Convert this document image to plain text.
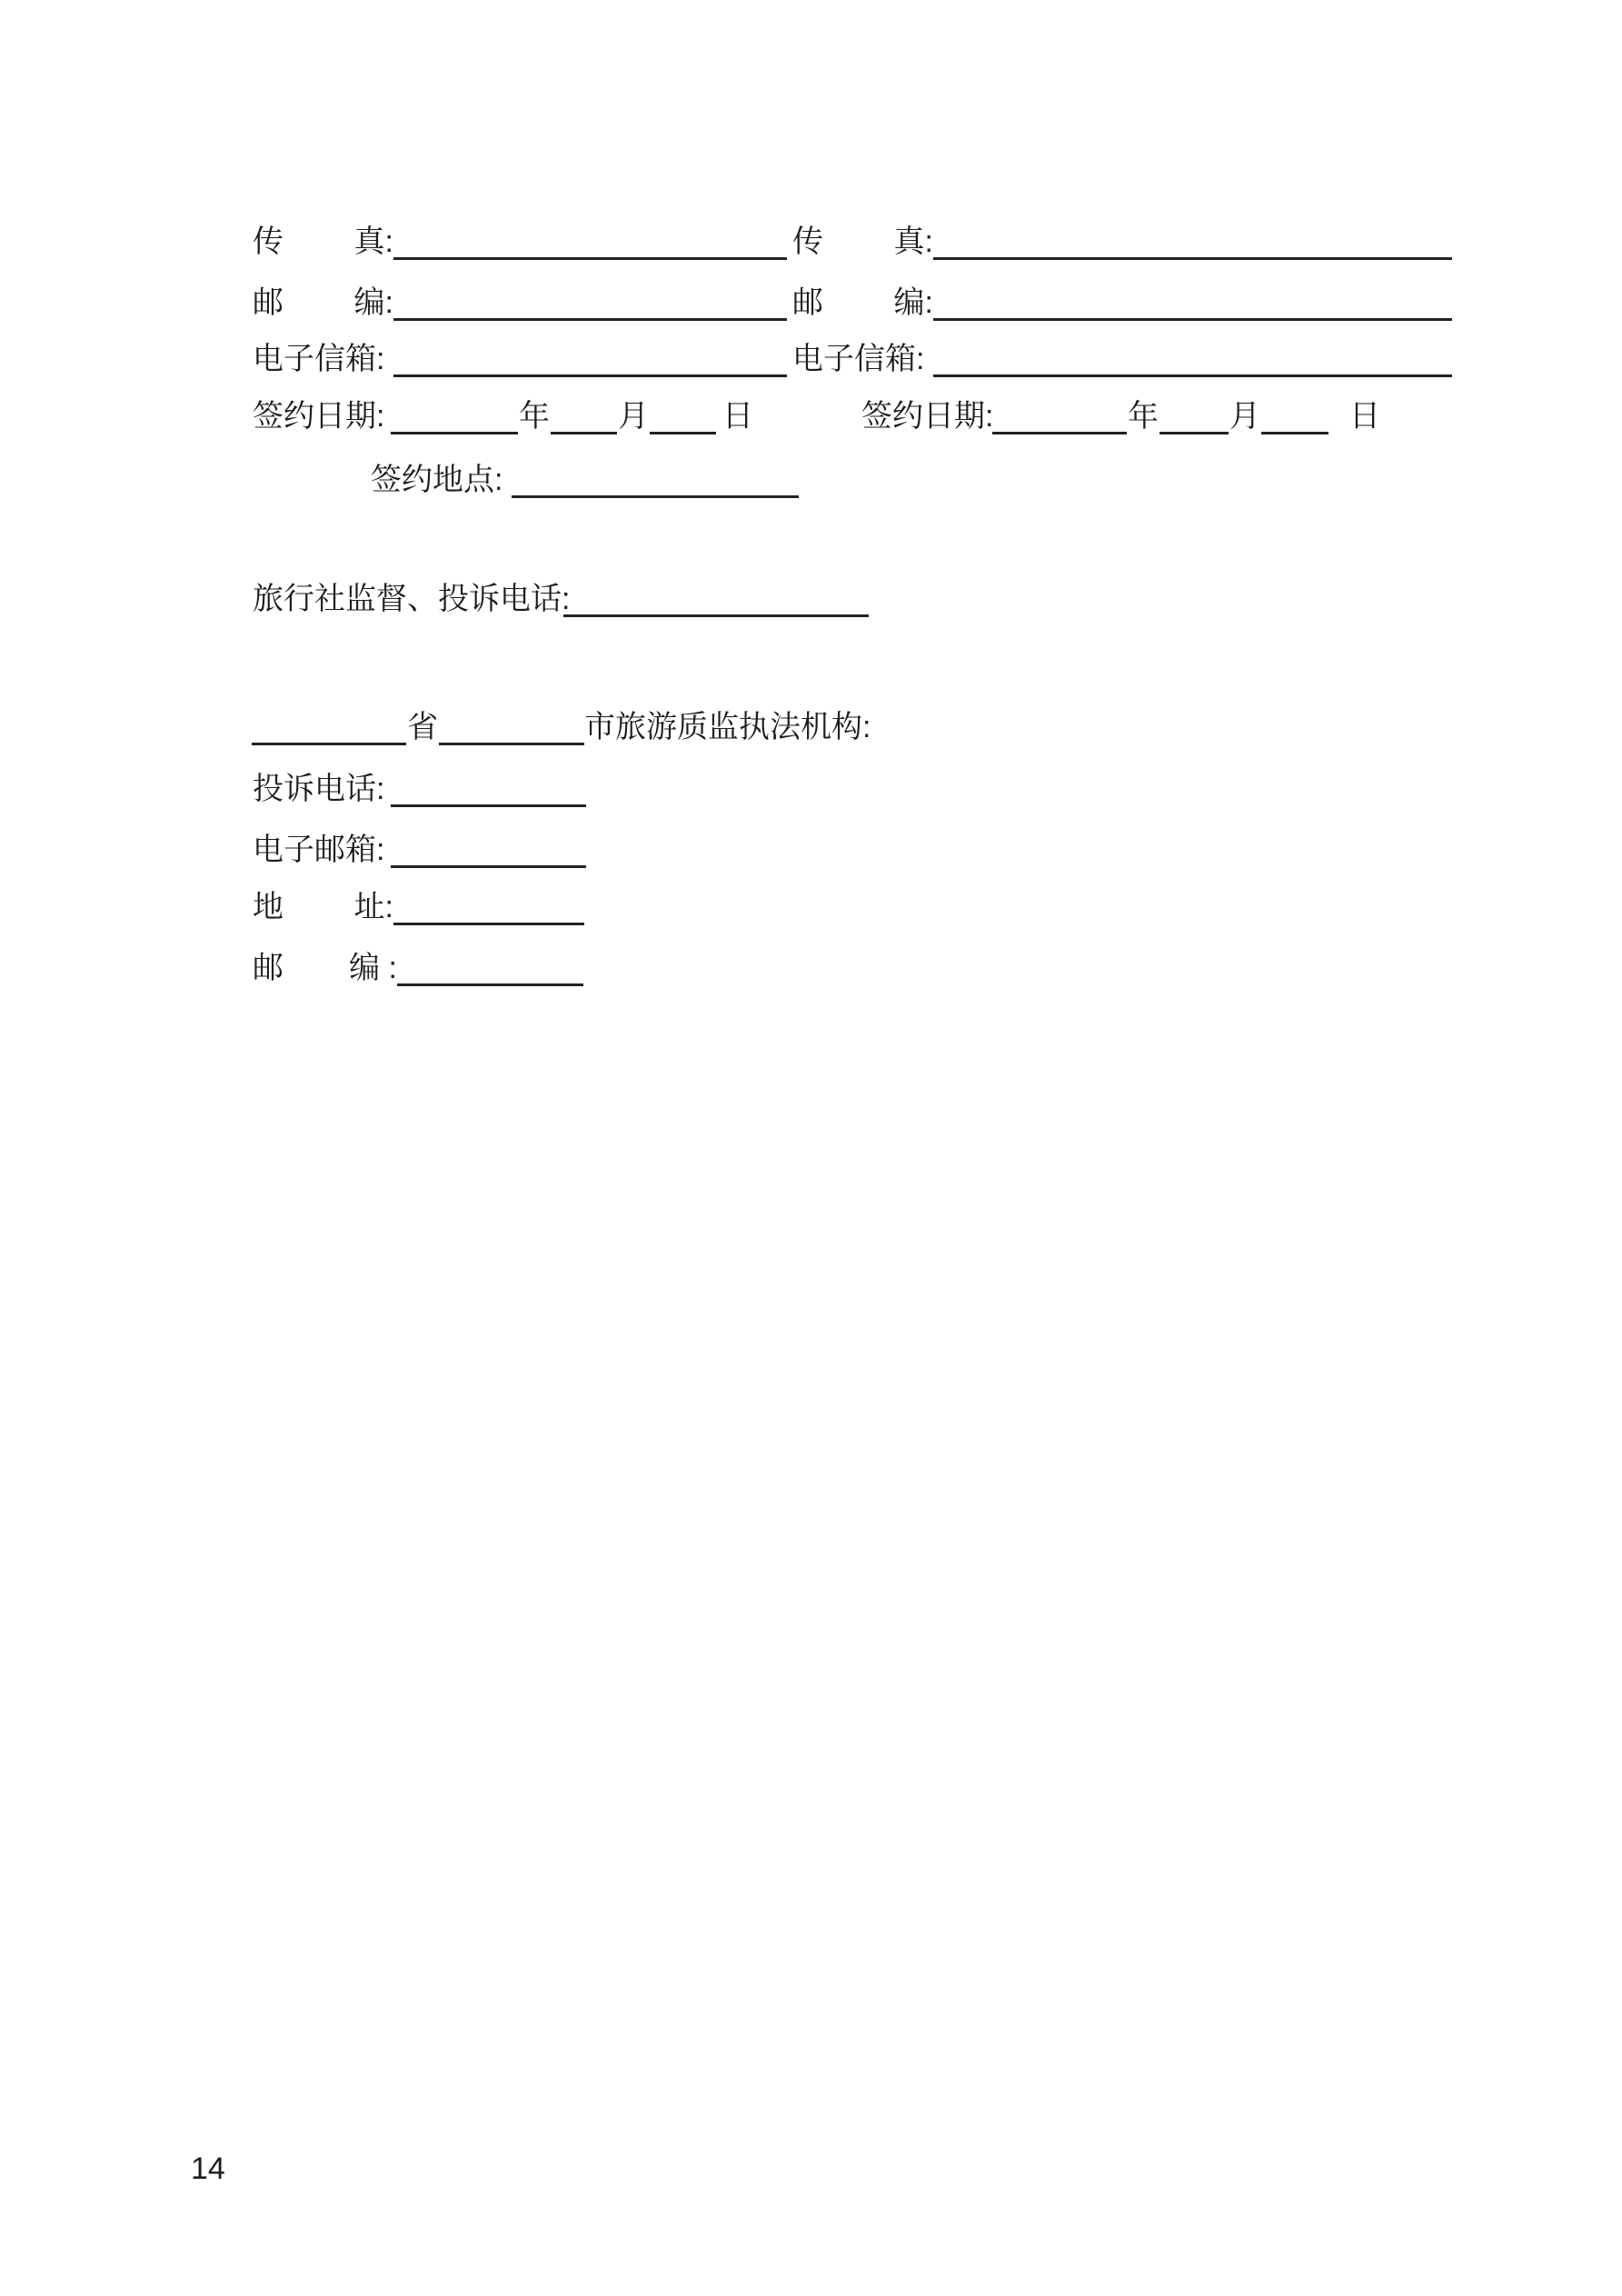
传 真:	传 真:
邮 编:	邮 编:
电子信箱:	电子信箱:
签约日期:	年 月 日	签约日期:	年 月	日
签约地点:
旅行社监督、投诉电话:
省	市旅游质监执法机构:
投诉电话:
电子邮箱:
地 址:
邮 编 :
14
